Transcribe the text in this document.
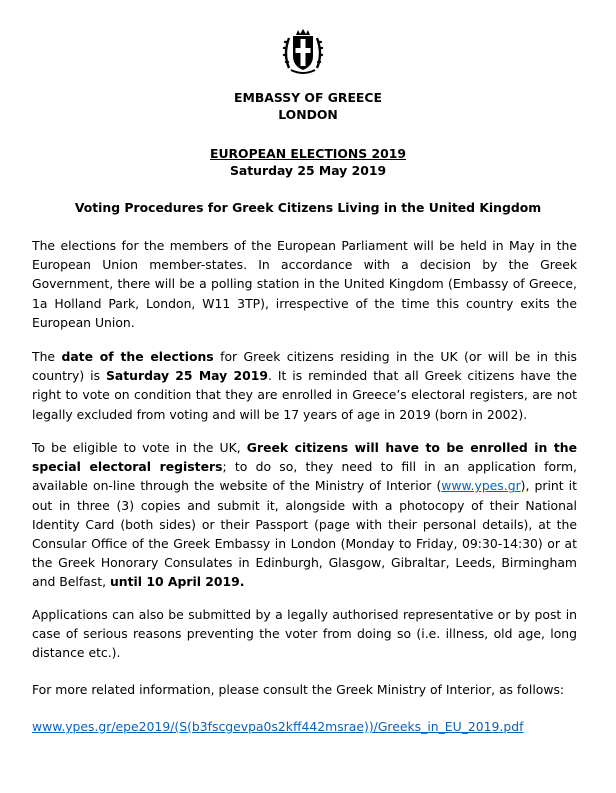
EMBASSY OF GREECE
LONDON
EUROPEAN ELECTIONS 2019
Saturday 25 May 2019
Voting Procedures for Greek Citizens Living in the United Kingdom

The elections for the members of the European Parliament will be held in May in the European Union member-states. In accordance with a decision by the Greek Government, there will be a polling station in the United Kingdom (Embassy of Greece, 1a Holland Park, London, W11 3TP), irrespective of the time this country exits the European Union.

The date of the elections for Greek citizens residing in the UK (or will be in this country) is Saturday 25 May 2019. It is reminded that all Greek citizens have the right to vote on condition that they are enrolled in Greece’s electoral registers, are not legally excluded from voting and will be 17 years of age in 2019 (born in 2002).

To be eligible to vote in the UK, Greek citizens will have to be enrolled in the special electoral registers; to do so, they need to fill in an application form, available on-line through the website of the Ministry of Interior (www.ypes.gr), print it out in three (3) copies and submit it, alongside with a photocopy of their National Identity Card (both sides) or their Passport (page with their personal details), at the Consular Office of the Greek Embassy in London (Monday to Friday, 09:30-14:30) or at the Greek Honorary Consulates in Edinburgh, Glasgow, Gibraltar, Leeds, Birmingham and Belfast, until 10 April 2019.

Applications can also be submitted by a legally authorised representative or by post in case of serious reasons preventing the voter from doing so (i.e. illness, old age, long distance etc.).

For more related information, please consult the Greek Ministry of Interior, as follows:

www.ypes.gr/epe2019/(S(b3fscgevpa0s2kff442msrae))/Greeks_in_EU_2019.pdf
